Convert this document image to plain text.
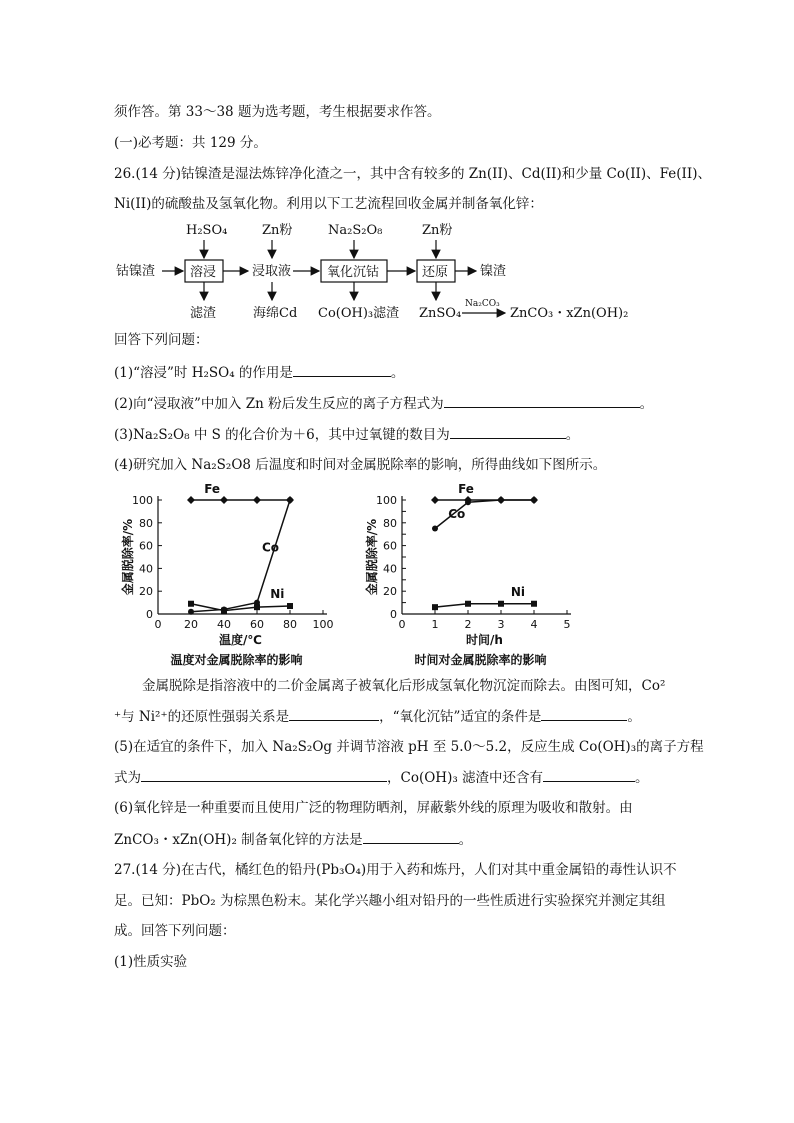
须作答。第 33～38 题为选考题，考生根据要求作答。
(一)必考题：共 129 分。
26.(14 分)钴镍渣是湿法炼锌净化渣之一，其中含有较多的 Zn(II)、Cd(II)和少量 Co(II)、Fe(II)、
Ni(II)的硫酸盐及氢氧化物。利用以下工艺流程回收金属并制备氧化锌：
钴镍渣	溶浸
H₂SO₄
滤渣
浸取液
Zn粉
海绵Cd
氧化沉钴
Na₂S₂O₈
Co(OH)₃滤渣
还原
Zn粉
ZnSO₄
镍渣
Na₂CO₃
ZnCO₃・xZn(OH)₂
回答下列问题：
(1)“溶浸”时 H₂SO₄ 的作用是	。
(2)向“浸取液”中加入 Zn 粉后发生反应的离子方程式为	。
(3)Na₂S₂O₈ 中 S 的化合价为＋6，其中过氧键的数目为	。
(4)研究加入 Na₂S₂O8 后温度和时间对金属脱除率的影响，所得曲线如下图所示。
0 20 40 60 80 100
0
20
40
60
80
100
金属脱除率/%
温度/℃
温度对金属脱除率的影响
Fe
Co
Ni
0 1 2 3 4 5
0
20
40
60
80
100
金属脱除率/%
时间/h
时间对金属脱除率的影响
Fe
Co
Ni
金属脱除是指溶液中的二价金属离子被氧化后形成氢氧化物沉淀而除去。由图可知，Co²
⁺与 Ni²⁺的还原性强弱关系是	，“氧化沉钴”适宜的条件是	。
(5)在适宜的条件下，加入 Na₂S₂Og 并调节溶液 pH 至 5.0～5.2，反应生成 Co(OH)₃的离子方程
式为	，Co(OH)₃ 滤渣中还含有	。
(6)氧化锌是一种重要而且使用广泛的物理防晒剂，屏蔽紫外线的原理为吸收和散射。由
ZnCO₃・xZn(OH)₂ 制备氧化锌的方法是	。
27.(14 分)在古代，橘红色的铅丹(Pb₃O₄)用于入药和炼丹，人们对其中重金属铅的毒性认识不
足。已知：PbO₂ 为棕黑色粉末。某化学兴趣小组对铅丹的一些性质进行实验探究并测定其组
成。回答下列问题：
(1)性质实验
